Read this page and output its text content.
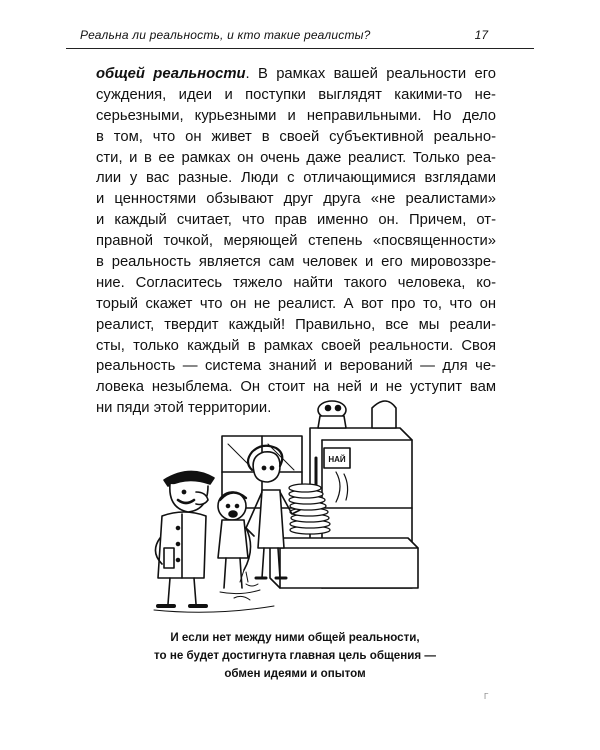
Реальна ли реальность, и кто такие реалисты?	17
общей реальности. В рамках вашей реальности его
суждения, идеи и поступки выглядят какими-то не-
серьезными, курьезными и неправильными. Но дело
в том, что он живет в своей субъективной реально-
сти, и в ее рамках он очень даже реалист. Только реа-
лии у вас разные. Люди с отличающимися взглядами
и ценностями обзывают друг друга «не реалистами»
и каждый считает, что прав именно он. Причем, от-
правной точкой, меряющей степень «посвященности»
в реальность является сам человек и его мировоззре-
ние. Согласитесь тяжело найти такого человека, ко-
торый скажет что он не реалист. А вот про то, что он
реалист, твердит каждый! Правильно, все мы реали-
сты, только каждый в рамках своей реальности. Своя
реальность — система знаний и верований — для че-
ловека незыблема. Он стоит на ней и не уступит вам
ни пяди этой территории.
НАЙ
И если нет между ними общей реальности,
то не будет достигнута главная цель общения —
обмен идеями и опытом
Г
